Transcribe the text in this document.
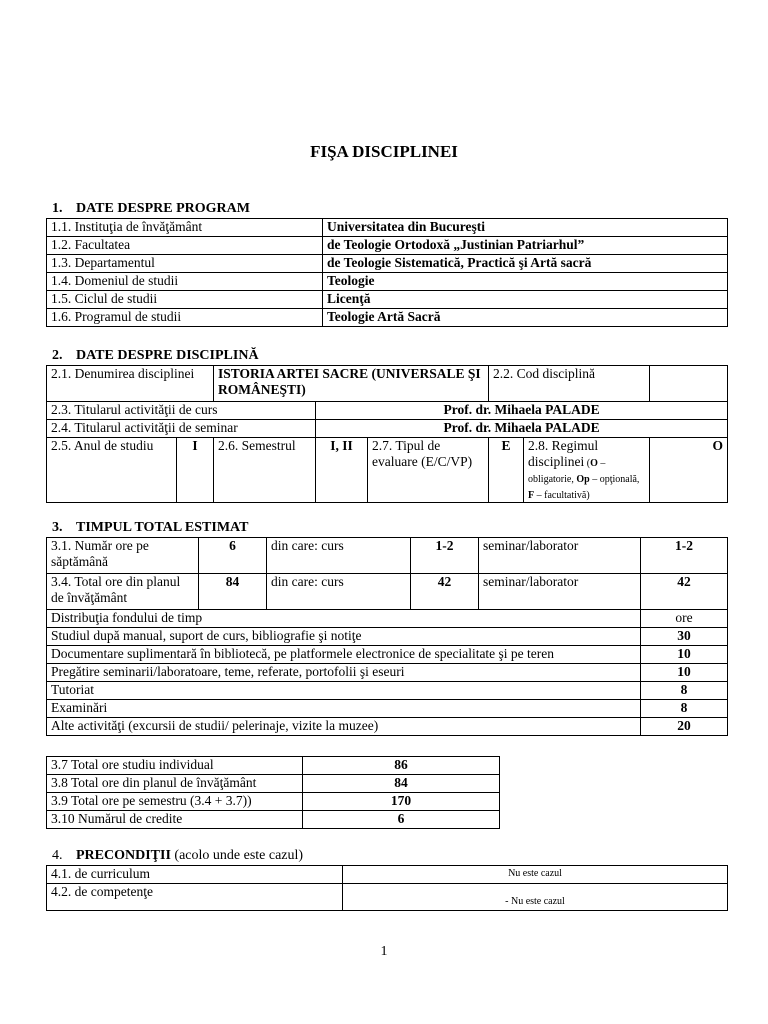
FIŞA DISCIPLINEI
1. DATE DESPRE PROGRAM
1.1. Instituţia de învăţământ	Universitatea din Bucureşti
1.2. Facultatea	de Teologie Ortodoxă „Justinian Patriarhul”
1.3. Departamentul	de Teologie Sistematică, Practică şi Artă sacră
1.4. Domeniul de studii	Teologie
1.5. Ciclul de studii	Licenţă
1.6. Programul de studii	Teologie Artă Sacră
2. DATE DESPRE DISCIPLINĂ
2.1. Denumirea disciplinei		ISTORIA ARTEI SACRE (UNIVERSALE ŞI ROMÂNEŞTI)			2.2. Cod disciplină		
2.3. Titularul activităţii de curs			Prof. dr. Mihaela PALADE				
2.4. Titularul activităţii de seminar			Prof. dr. Mihaela PALADE				
2.5. Anul de studiu	I	2.6. Semestrul	I, II	2.7. Tipul de evaluare (E/C/VP)	E	2.8. Regimul disciplinei (O – obligatorie, Op – opţională, F – facultativă)	O
3. TIMPUL TOTAL ESTIMAT
3.1. Număr ore pe săptămână	6	din care: curs	1-2	seminar/laborator	1-2
3.4. Total ore din planul de învăţământ	84	din care: curs	42	seminar/laborator	42
Distribuţia fondului de timp					ore
Studiul după manual, suport de curs, bibliografie şi notiţe					30
Documentare suplimentară în bibliotecă, pe platformele electronice de specialitate şi pe teren					10
Pregătire seminarii/laboratoare, teme, referate, portofolii şi eseuri					10
Tutoriat					8
Examinări					8
Alte activităţi (excursii de studii/ pelerinaje, vizite la muzee)					20
3.7 Total ore studiu individual	86
3.8 Total ore din planul de învăţământ	84
3.9 Total ore pe semestru (3.4 + 3.7))	170
3.10 Numărul de credite	6
4. PRECONDIŢII (acolo unde este cazul)
4.1. de curriculum	Nu este cazul
4.2. de competenţe	- Nu este cazul
1
